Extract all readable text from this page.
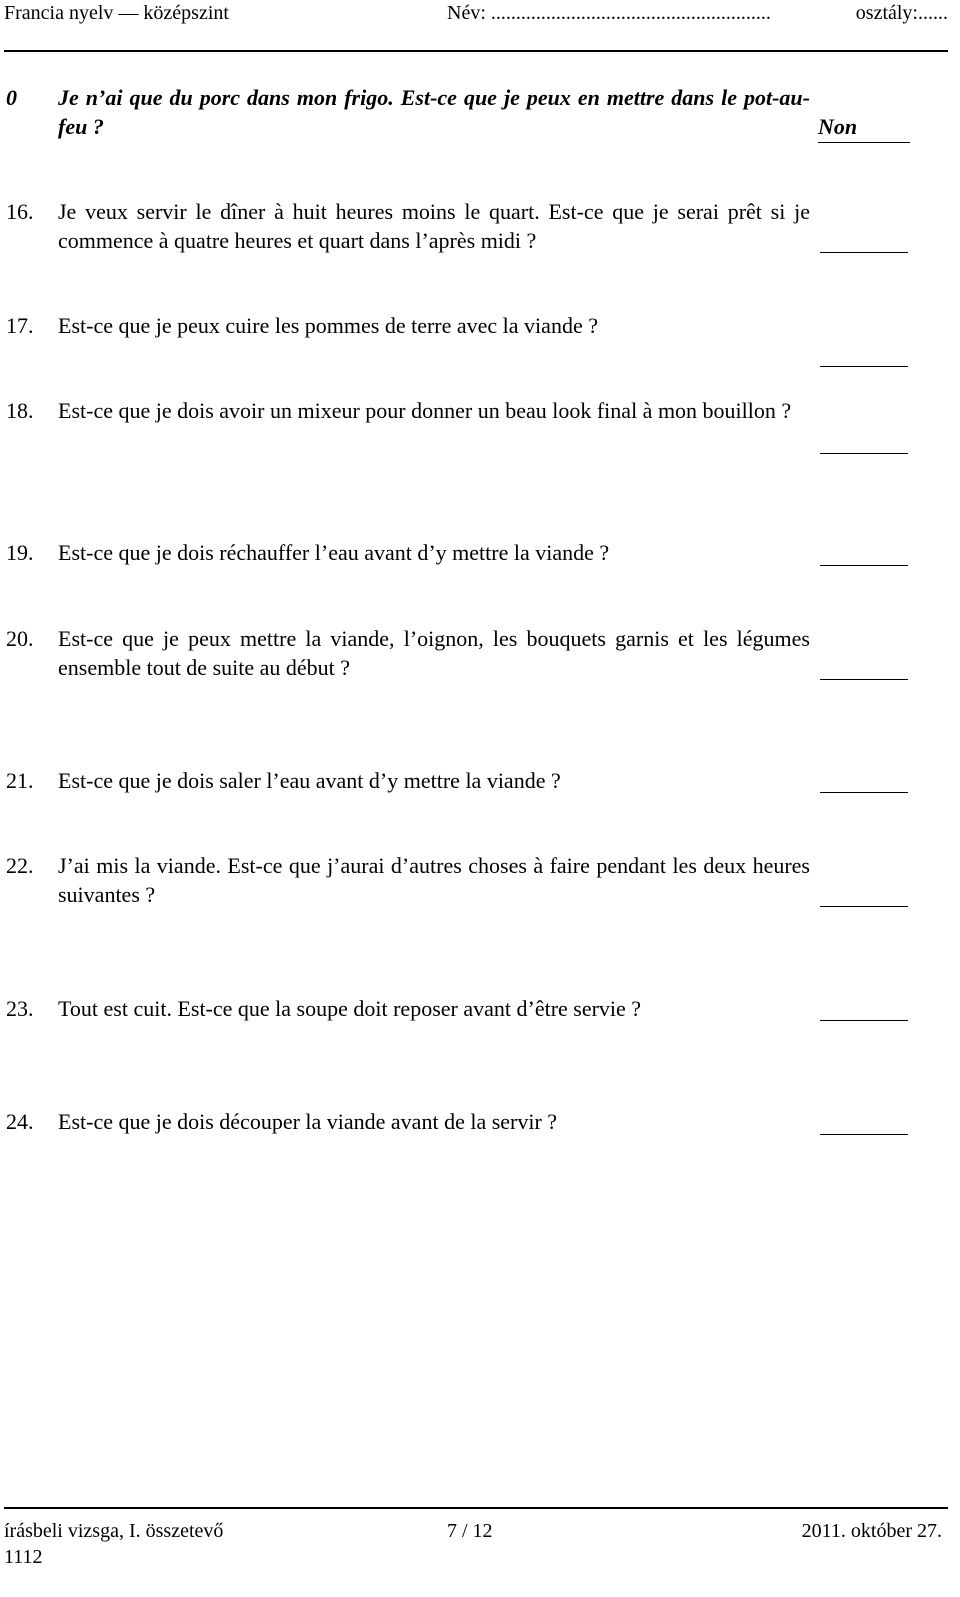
Francia nyelv — középszint	Név: ........................................................	osztály:......
0 Je n’ai que du porc dans mon frigo. Est-ce que je peux en mettre dans le pot-au-feu ?	Non
16. Je veux servir le dîner à huit heures moins le quart. Est-ce que je serai prêt si je commence à quatre heures et quart dans l’après midi ?
17. Est-ce que je peux cuire les pommes de terre avec la viande ?
18. Est-ce que je dois avoir un mixeur pour donner un beau look final à mon bouillon ?
19. Est-ce que je dois réchauffer l’eau avant d’y mettre la viande ?
20. Est-ce que je peux mettre la viande, l’oignon, les bouquets garnis et les légumes ensemble tout de suite au début ?
21. Est-ce que je dois saler l’eau avant d’y mettre la viande ?
22. J’ai mis la viande. Est-ce que j’aurai d’autres choses à faire pendant les deux heures suivantes ?
23. Tout est cuit. Est-ce que la soupe doit reposer avant d’être servie ?
24. Est-ce que je dois découper la viande avant de la servir ?
írásbeli vizsga, I. összetevő	7 / 12	2011. október 27.
1112
